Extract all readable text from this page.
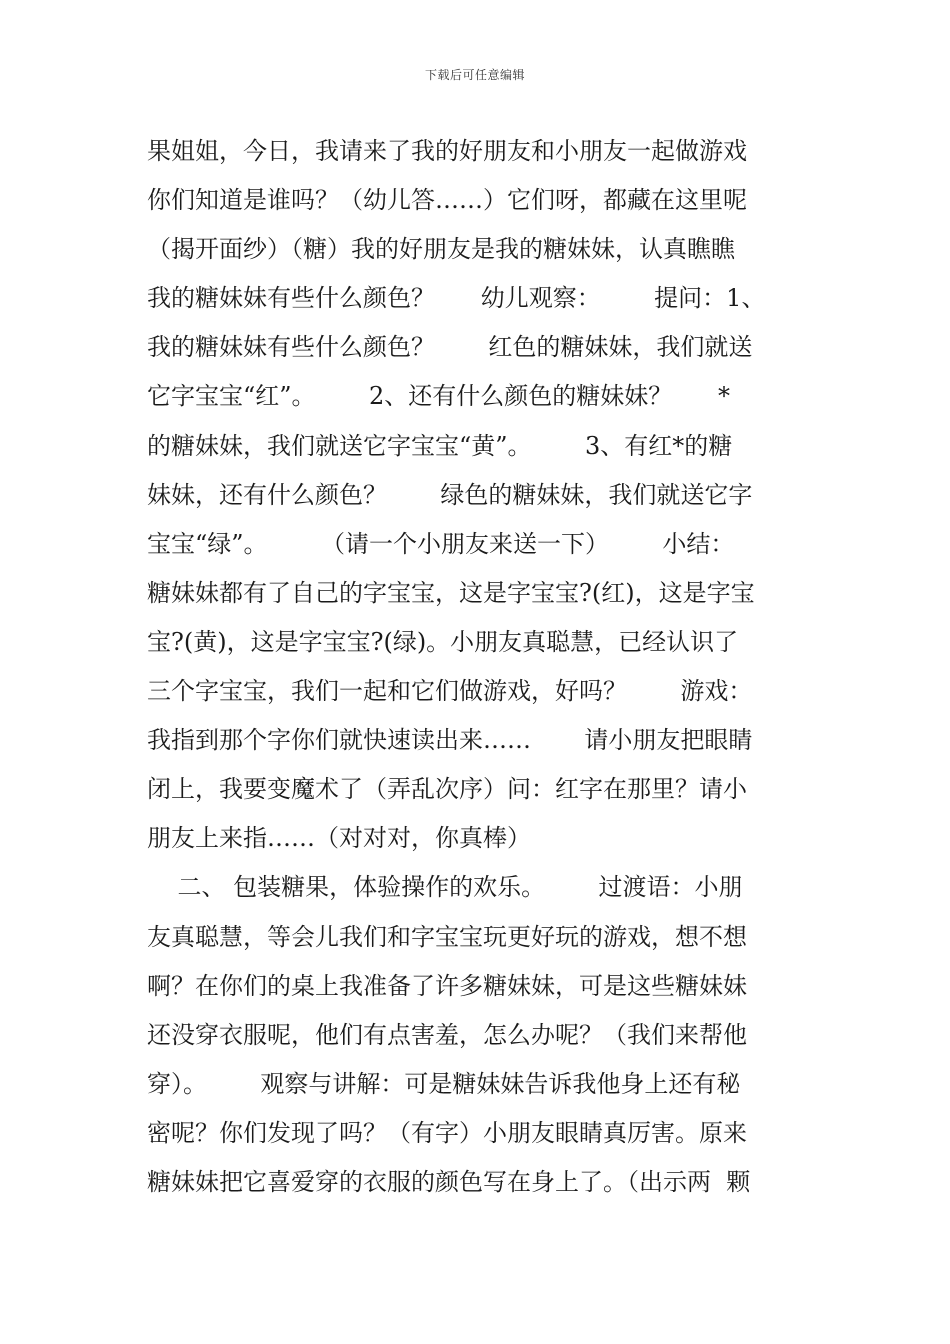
下载后可任意编辑
果姐姐，今日，我请来了我的好朋友和小朋友一起做游戏
你们知道是谁吗？（幼儿答……）它们呀，都藏在这里呢
（揭开面纱）（糖）我的好朋友是我的糖妹妹，认真瞧瞧
我的糖妹妹有些什么颜色？      幼儿观察：       提问：1、
我的糖妹妹有些什么颜色？       红色的糖妹妹，我们就送
它字宝宝“红”。       2、还有什么颜色的糖妹妹？      *
的糖妹妹，我们就送它字宝宝“黄”。       3、有红*的糖
妹妹，还有什么颜色？       绿色的糖妹妹，我们就送它字
宝宝“绿”。       （请一个小朋友来送一下）       小结：
糖妹妹都有了自己的字宝宝，这是字宝宝?(红)，这是字宝
宝?(黄)，这是字宝宝?(绿)。小朋友真聪慧，已经认识了
三个字宝宝，我们一起和它们做游戏，好吗？       游戏：
我指到那个字你们就快速读出来……       请小朋友把眼睛
闭上，我要变魔术了（弄乱次序）问：红字在那里？请小
朋友上来指……（对对对，你真棒）
二、 包装糖果，体验操作的欢乐。       过渡语：小朋
友真聪慧，等会儿我们和字宝宝玩更好玩的游戏，想不想
啊？在你们的桌上我准备了许多糖妹妹，可是这些糖妹妹
还没穿衣服呢，他们有点害羞，怎么办呢？（我们来帮他
穿）。       观察与讲解：可是糖妹妹告诉我他身上还有秘
密呢？你们发现了吗？（有字）小朋友眼睛真厉害。原来
糖妹妹把它喜爱穿的衣服的颜色写在身上了。（出示两  颗
